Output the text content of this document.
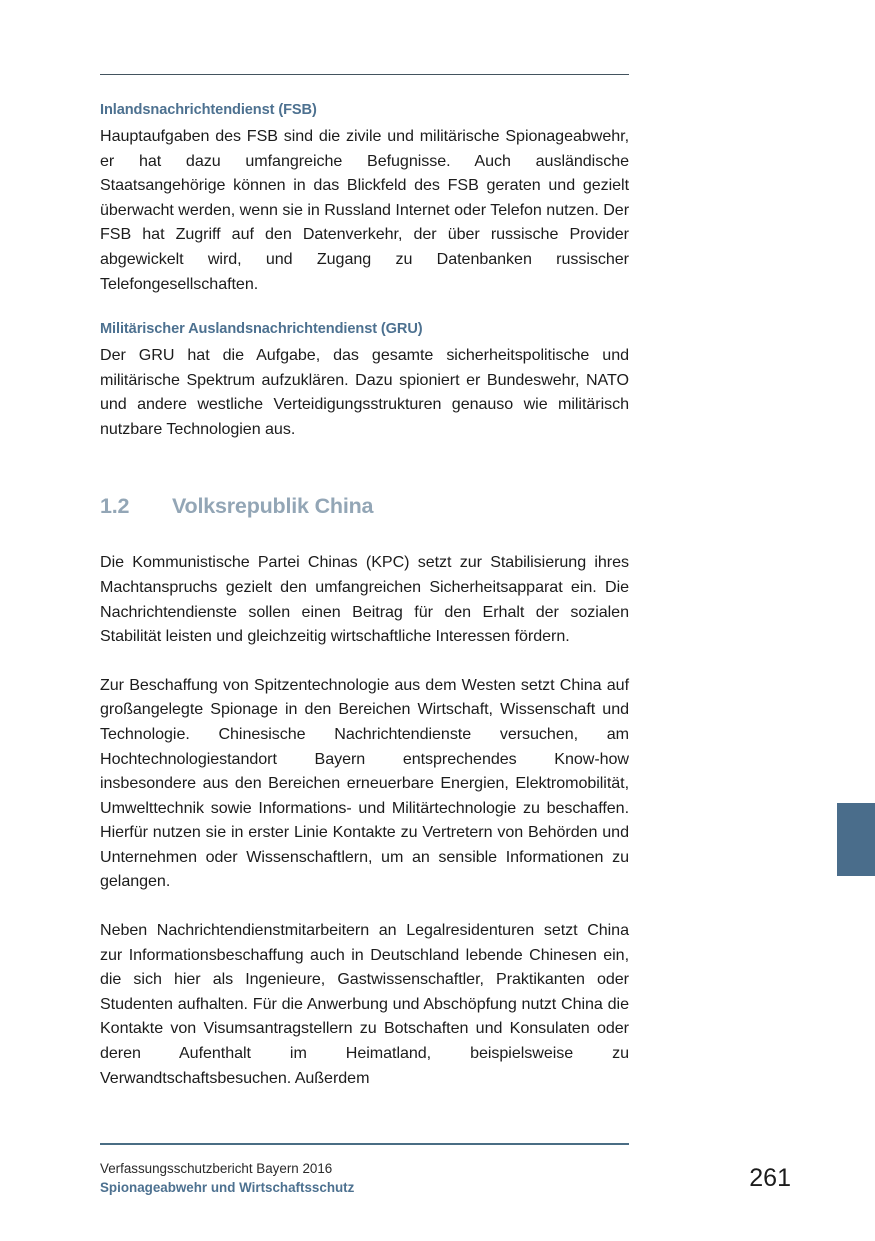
Inlandsnachrichtendienst (FSB)

Hauptaufgaben des FSB sind die zivile und militärische Spionageabwehr, er hat dazu umfangreiche Befugnisse. Auch ausländische Staatsangehörige können in das Blickfeld des FSB geraten und gezielt überwacht werden, wenn sie in Russland Internet oder Telefon nutzen. Der FSB hat Zugriff auf den Datenverkehr, der über russische Provider abgewickelt wird, und Zugang zu Datenbanken russischer Telefongesellschaften.

Militärischer Auslandsnachrichtendienst (GRU)

Der GRU hat die Aufgabe, das gesamte sicherheitspolitische und militärische Spektrum aufzuklären. Dazu spioniert er Bundeswehr, NATO und andere westliche Verteidigungsstrukturen genauso wie militärisch nutzbare Technologien aus.

1.2	Volksrepublik China

Die Kommunistische Partei Chinas (KPC) setzt zur Stabilisierung ihres Machtanspruchs gezielt den umfangreichen Sicherheitsapparat ein. Die Nachrichtendienste sollen einen Beitrag für den Erhalt der sozialen Stabilität leisten und gleichzeitig wirtschaftliche Interessen fördern.

Zur Beschaffung von Spitzentechnologie aus dem Westen setzt China auf großangelegte Spionage in den Bereichen Wirtschaft, Wissenschaft und Technologie. Chinesische Nachrichtendienste versuchen, am Hochtechnologiestandort Bayern entsprechendes Know-how insbesondere aus den Bereichen erneuerbare Energien, Elektromobilität, Umwelttechnik sowie Informations- und Militärtechnologie zu beschaffen. Hierfür nutzen sie in erster Linie Kontakte zu Vertretern von Behörden und Unternehmen oder Wissenschaftlern, um an sensible Informationen zu gelangen.

Neben Nachrichtendienstmitarbeitern an Legalresidenturen setzt China zur Informationsbeschaffung auch in Deutschland lebende Chinesen ein, die sich hier als Ingenieure, Gastwissenschaftler, Praktikanten oder Studenten aufhalten. Für die Anwerbung und Abschöpfung nutzt China die Kontakte von Visumsantragstellern zu Botschaften und Konsulaten oder deren Aufenthalt im Heimatland, beispielsweise zu Verwandtschaftsbesuchen. Außerdem

Verfassungsschutzbericht Bayern 2016
Spionageabwehr und Wirtschaftsschutz	261
